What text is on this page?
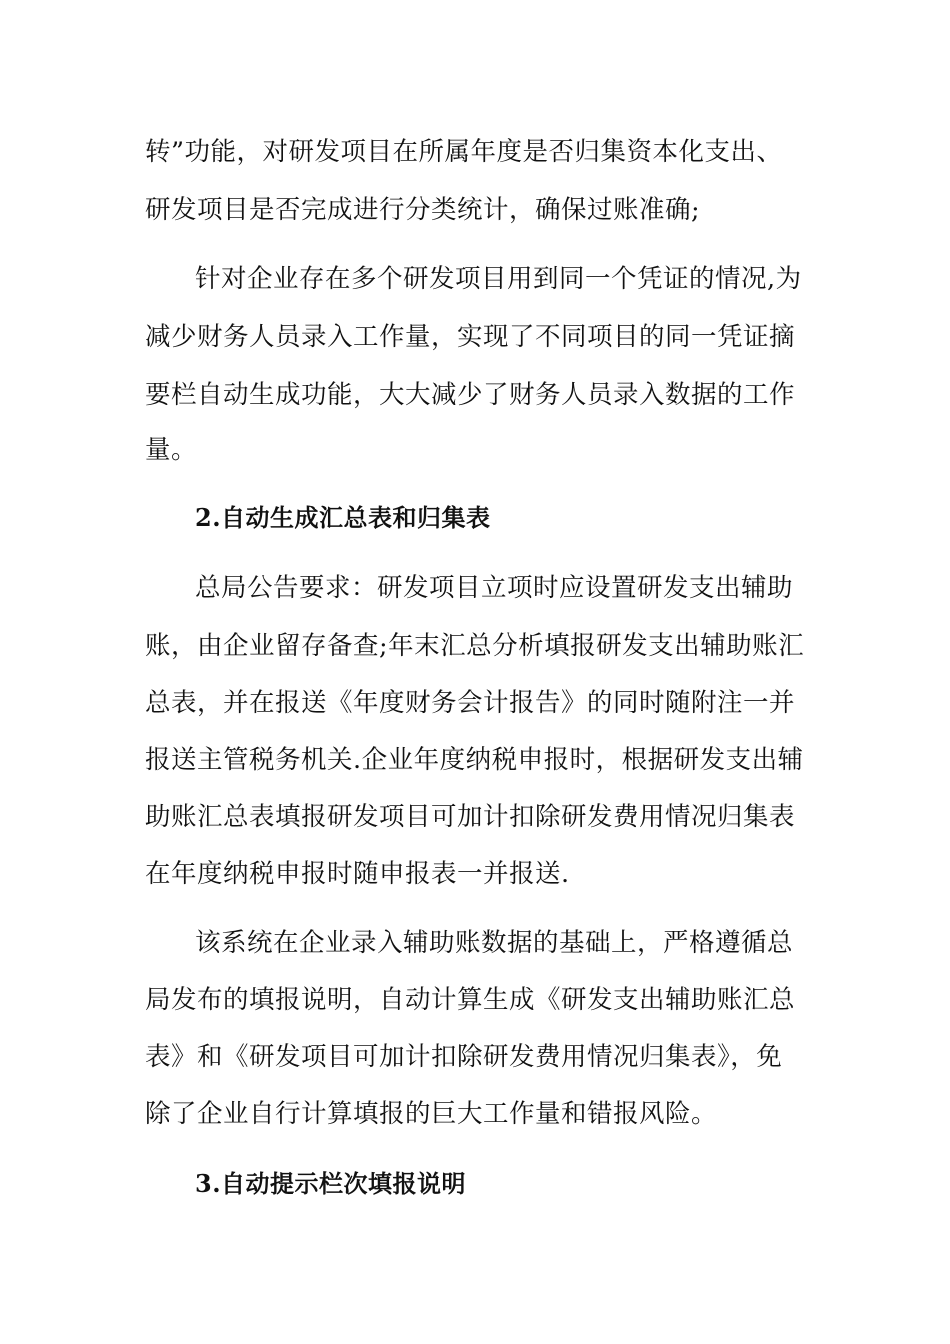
转”功能，对研发项目在所属年度是否归集资本化支出、

研发项目是否完成进行分类统计，确保过账准确;

针对企业存在多个研发项目用到同一个凭证的情况,为

减少财务人员录入工作量，实现了不同项目的同一凭证摘

要栏自动生成功能，大大减少了财务人员录入数据的工作

量。

2.自动生成汇总表和归集表

总局公告要求：研发项目立项时应设置研发支出辅助

账，由企业留存备查;年末汇总分析填报研发支出辅助账汇

总表，并在报送《年度财务会计报告》的同时随附注一并

报送主管税务机关.企业年度纳税申报时，根据研发支出辅

助账汇总表填报研发项目可加计扣除研发费用情况归集表

在年度纳税申报时随申报表一并报送.

该系统在企业录入辅助账数据的基础上，严格遵循总

局发布的填报说明，自动计算生成《研发支出辅助账汇总

表》和《研发项目可加计扣除研发费用情况归集表》，免

除了企业自行计算填报的巨大工作量和错报风险。

3.自动提示栏次填报说明
